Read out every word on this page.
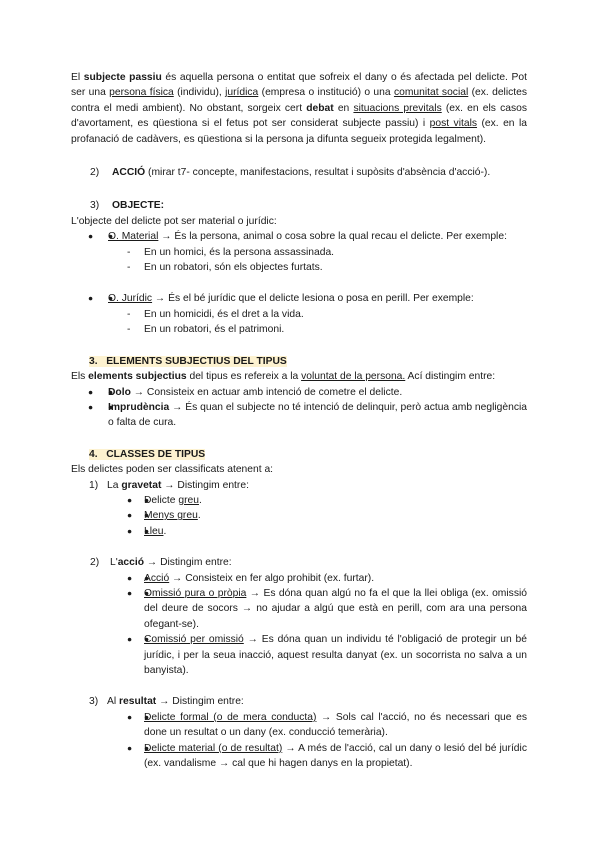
El subjecte passiu és aquella persona o entitat que sofreix el dany o és afectada pel delicte. Pot ser una persona física (individu), jurídica (empresa o institució) o una comunitat social (ex. delictes contra el medi ambient). No obstant, sorgeix cert debat en situacions previtals (ex. en els casos d'avortament, es qüestiona si el fetus pot ser considerat subjecte passiu) i post vitals (ex. en la profanació de cadàvers, es qüestiona si la persona ja difunta segueix protegida legalment).

2)	ACCIÓ (mirar t7- concepte, manifestacions, resultat i supòsits d'absència d'acció-).
3)	OBJECTE:

L'objecte del delicte pot ser material o jurídic:

● ● O. Material → És la persona, animal o cosa sobre la qual recau el delicte. Per exemple:
- En un homici, és la persona assassinada.
- En un robatori, són els objectes furtats.
● ● O. Jurídic → És el bé jurídic que el delicte lesiona o posa en perill. Per exemple:
- En un homicidi, és el dret a la vida.
- En un robatori, és el patrimoni.
3. ELEMENTS SUBJECTIUS DEL TIPUS

Els elements subjectius del tipus es refereix a la voluntat de la persona. Ací distingim entre:

● ● Dolo → Consisteix en actuar amb intenció de cometre el delicte.
● ● Imprudència → És quan el subjecte no té intenció de delinquir, però actua amb negligència o falta de cura.
4. CLASSES DE TIPUS

Els delictes poden ser classificats atenent a:

1) La gravetat → Distingim entre:
● ● Delicte greu.
● ● Menys greu.
● ● Lleu.
2)	L'acció → Distingim entre:
● ● Acció → Consisteix en fer algo prohibit (ex. furtar).
● ● Omissió pura o pròpia → Es dóna quan algú no fa el que la llei obliga (ex. omissió del deure de socors → no ajudar a algú que està en perill, com ara una persona ofegant-se).
● ● Comissió per omissió → Es dóna quan un individu té l'obligació de protegir un bé jurídic, i per la seua inacció, aquest resulta danyat (ex. un socorrista no salva a un banyista).
3) Al resultat → Distingim entre:
● ● Delicte formal (o de mera conducta) → Sols cal l'acció, no és necessari que es done un resultat o un dany (ex. conducció temerària).
● ● Delicte material (o de resultat) → A més de l'acció, cal un dany o lesió del bé jurídic (ex. vandalisme → cal que hi hagen danys en la propietat).
